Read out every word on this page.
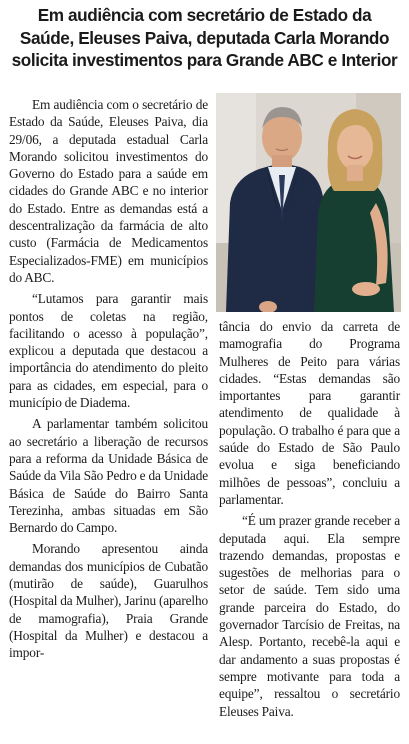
Em audiência com secretário de Estado da
Saúde, Eleuses Paiva, deputada Carla Morando
solicita investimentos para Grande ABC e Interior

Em audiência com o secretário de Estado da Saúde, Eleuses Paiva, dia 29/06, a deputada estadual Carla Morando solicitou investimentos do Governo do Estado para a saúde em cidades do Grande ABC e no interior do Estado. Entre as demandas está a descentralização da farmácia de alto custo (Farmácia de Medicamentos Especializados-FME) em municípios do ABC.

“Lutamos para garantir mais pontos de coletas na região, facilitando o acesso à população”, explicou a deputada que destacou a importância do atendimento do pleito para as cidades, em especial, para o município de Diadema.

A parlamentar também solicitou ao secretário a liberação de recursos para a reforma da Unidade Básica de Saúde da Vila São Pedro e da Unidade Básica de Saúde do Bairro Santa Terezinha, ambas situadas em São Bernardo do Campo.

Morando apresentou ainda demandas dos municípios de Cubatão (mutirão de saúde), Guarulhos (Hospital da Mulher), Jarinu (aparelho de mamografia), Praia Grande (Hospital da Mulher) e destacou a impor-

tância do envio da carreta de mamografia do Programa Mulheres de Peito para várias cidades. “Estas demandas são importantes para garantir atendimento de qualidade à população. O trabalho é para que a saúde do Estado de São Paulo evolua e siga beneficiando milhões de pessoas”, concluiu a parlamentar.

“É um prazer grande receber a deputada aqui. Ela sempre trazendo demandas, propostas e sugestões de melhorias para o setor de saúde. Tem sido uma grande parceira do Estado, do governador Tarcísio de Freitas, na Alesp. Portanto, recebê-la aqui e dar andamento a suas propostas é sempre motivante para toda a equipe”, ressaltou o secretário Eleuses Paiva.
